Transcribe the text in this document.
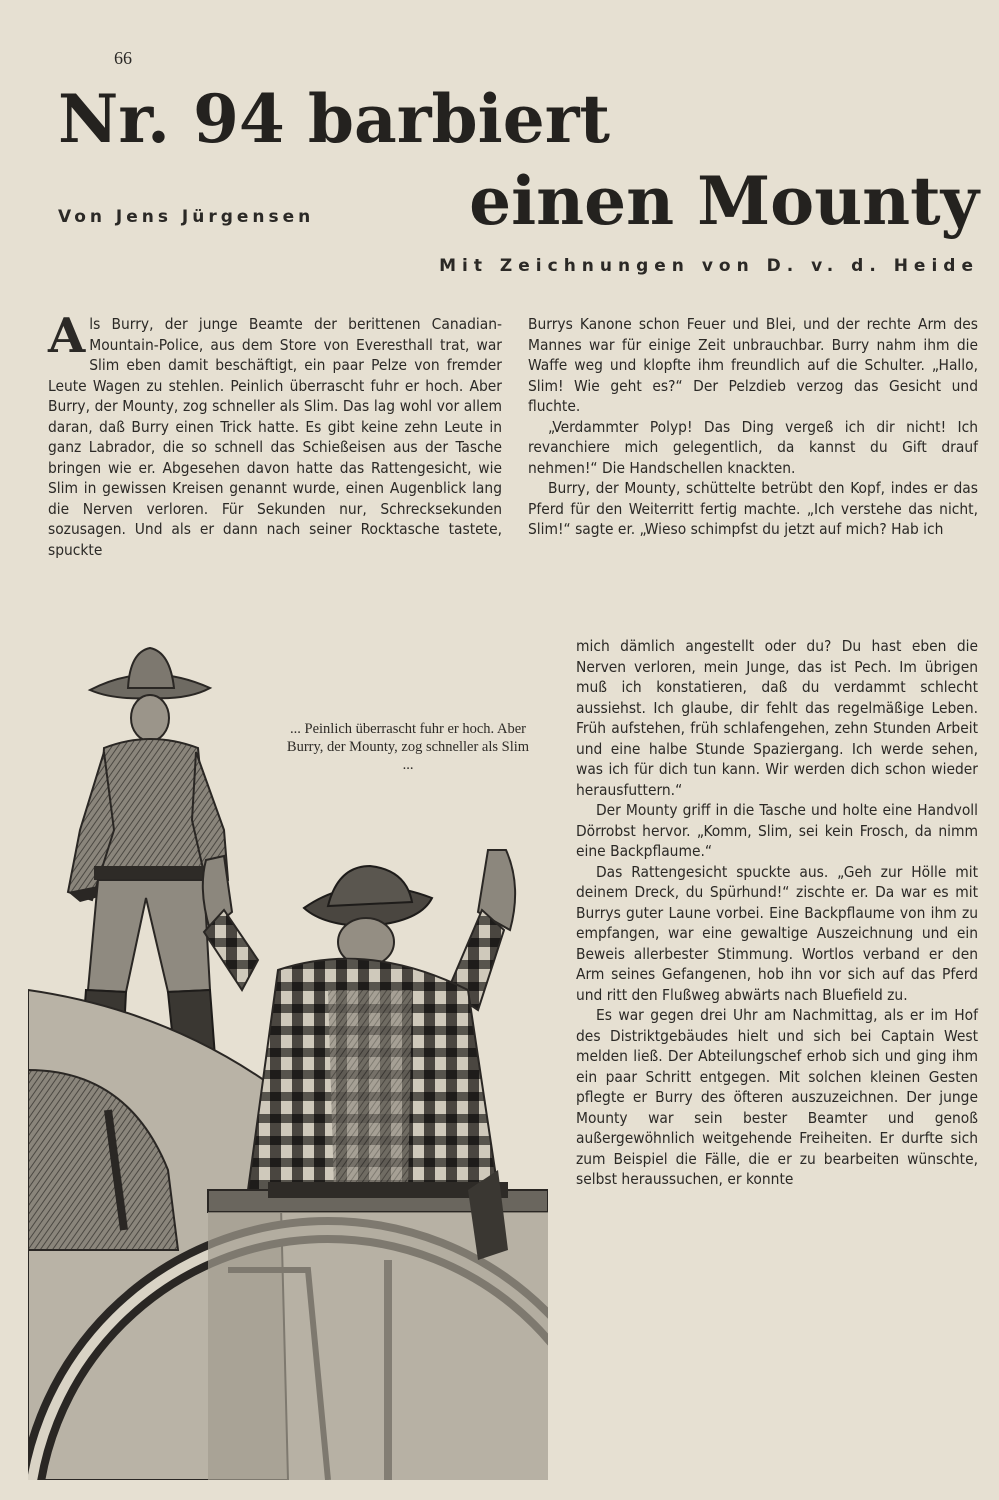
66
Nr. 94 barbiert
einen Mounty
Von Jens Jürgensen
Mit Zeichnungen von D. v. d. Heide

Als Burry, der junge Beamte der berittenen Canadian-Mountain-Police, aus dem Store von Everesthall trat, war Slim eben damit beschäftigt, ein paar Pelze von fremder Leute Wagen zu stehlen. Peinlich überrascht fuhr er hoch. Aber Burry, der Mounty, zog schneller als Slim. Das lag wohl vor allem daran, daß Burry einen Trick hatte. Es gibt keine zehn Leute in ganz Labrador, die so schnell das Schießeisen aus der Tasche bringen wie er. Abgesehen davon hatte das Rattengesicht, wie Slim in gewissen Kreisen genannt wurde, einen Augenblick lang die Nerven verloren. Für Sekunden nur, Schrecksekunden sozusagen. Und als er dann nach seiner Rocktasche tastete, spuckte

Burrys Kanone schon Feuer und Blei, und der rechte Arm des Mannes war für einige Zeit unbrauchbar. Burry nahm ihm die Waffe weg und klopfte ihm freundlich auf die Schulter. „Hallo, Slim! Wie geht es?“ Der Pelzdieb verzog das Gesicht und fluchte.

„Verdammter Polyp! Das Ding vergeß ich dir nicht! Ich revanchiere mich gelegentlich, da kannst du Gift drauf nehmen!“ Die Handschellen knackten.

Burry, der Mounty, schüttelte betrübt den Kopf, indes er das Pferd für den Weiterritt fertig machte. „Ich verstehe das nicht, Slim!“ sagte er. „Wieso schimpfst du jetzt auf mich? Hab ich

... Peinlich überrascht fuhr er hoch. Aber Burry, der Mounty, zog schneller als Slim ...

mich dämlich angestellt oder du? Du hast eben die Nerven verloren, mein Junge, das ist Pech. Im übrigen muß ich konstatieren, daß du verdammt schlecht aussiehst. Ich glaube, dir fehlt das regelmäßige Leben. Früh aufstehen, früh schlafengehen, zehn Stunden Arbeit und eine halbe Stunde Spaziergang. Ich werde sehen, was ich für dich tun kann. Wir werden dich schon wieder herausfuttern.“

Der Mounty griff in die Tasche und holte eine Handvoll Dörrobst hervor. „Komm, Slim, sei kein Frosch, da nimm eine Backpflaume.“

Das Rattengesicht spuckte aus. „Geh zur Hölle mit deinem Dreck, du Spürhund!“ zischte er. Da war es mit Burrys guter Laune vorbei. Eine Backpflaume von ihm zu empfangen, war eine gewaltige Auszeichnung und ein Beweis allerbester Stimmung. Wortlos verband er den Arm seines Gefangenen, hob ihn vor sich auf das Pferd und ritt den Flußweg abwärts nach Bluefield zu.

Es war gegen drei Uhr am Nachmittag, als er im Hof des Distriktgebäudes hielt und sich bei Captain West melden ließ. Der Abteilungschef erhob sich und ging ihm ein paar Schritt entgegen. Mit solchen kleinen Gesten pflegte er Burry des öfteren auszuzeichnen. Der junge Mounty war sein bester Beamter und genoß außergewöhnlich weitgehende Freiheiten. Er durfte sich zum Beispiel die Fälle, die er zu bearbeiten wünschte, selbst heraussuchen, er konnte
